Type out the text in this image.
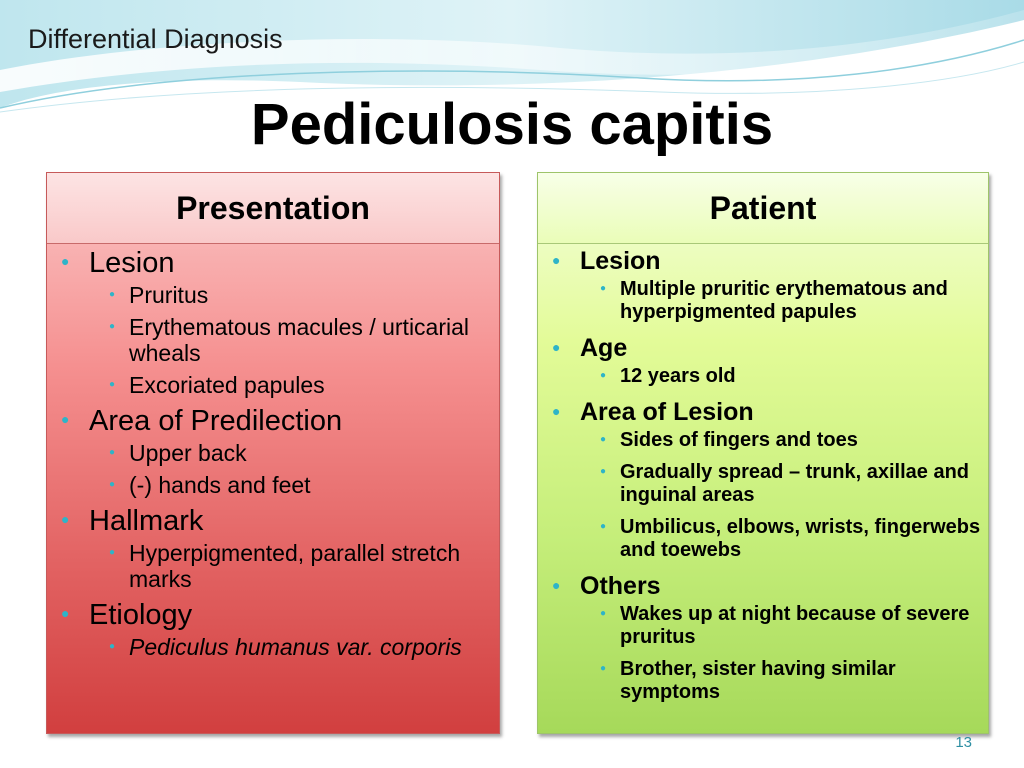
Differential Diagnosis
Pediculosis capitis
Presentation
● Lesion
● Pruritus
● Erythematous macules / urticarial wheals
● Excoriated papules
● Area of Predilection
● Upper back
● (-) hands and feet
● Hallmark
● Hyperpigmented, parallel stretch marks
● Etiology
● Pediculus humanus var. corporis
Patient
● Lesion
● Multiple pruritic erythematous and hyperpigmented papules
● Age
● 12 years old
● Area of Lesion
● Sides of fingers and toes
● Gradually spread – trunk, axillae and inguinal areas
● Umbilicus, elbows, wrists, fingerwebs and toewebs
● Others
● Wakes up at night because of severe pruritus
● Brother, sister having similar symptoms
13
